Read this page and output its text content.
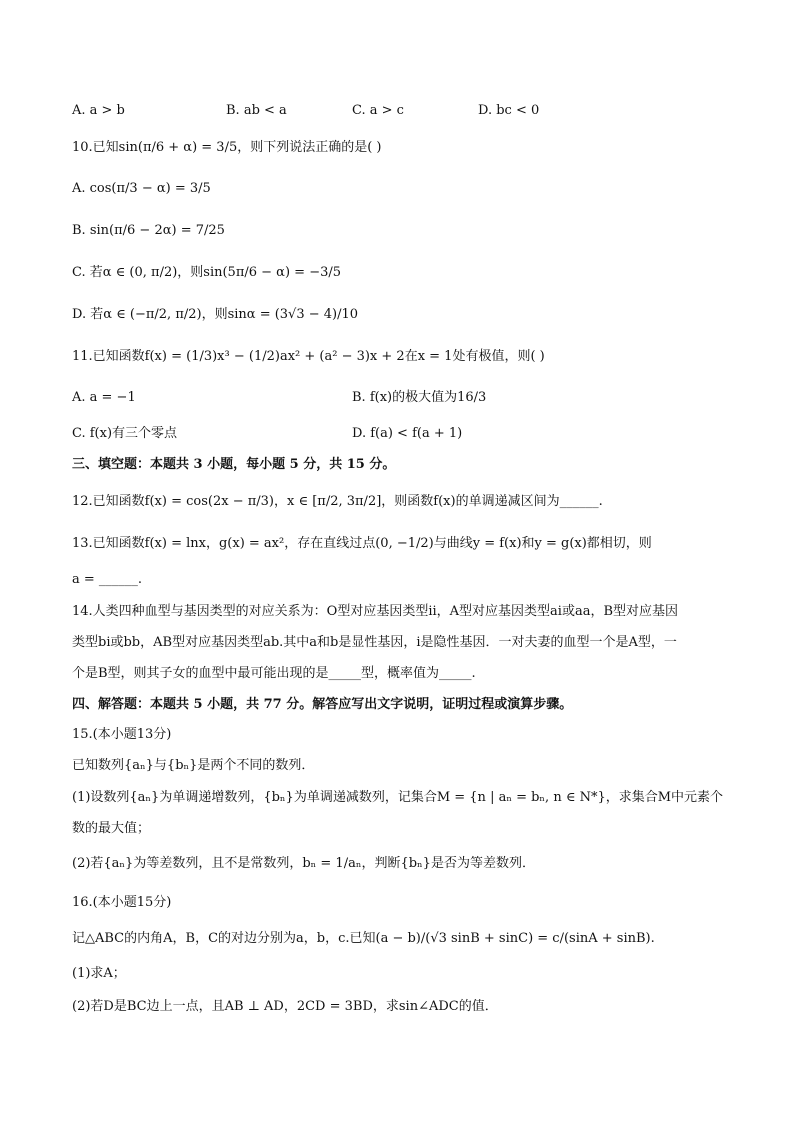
A. a > b	B. ab < a	C. a > c	D. bc < 0
10.已知sin(π/6 + α) = 3/5，则下列说法正确的是( )
A. cos(π/3 − α) = 3/5
B. sin(π/6 − 2α) = 7/25
C. 若α ∈ (0, π/2)，则sin(5π/6 − α) = −3/5
D. 若α ∈ (−π/2, π/2)，则sinα = (3√3 − 4)/10
11.已知函数f(x) = (1/3)x³ − (1/2)ax² + (a² − 3)x + 2在x = 1处有极值，则( )
A. a = −1	B. f(x)的极大值为16/3
C. f(x)有三个零点	D. f(a) < f(a + 1)
三、填空题：本题共 3 小题，每小题 5 分，共 15 分。
12.已知函数f(x) = cos(2x − π/3)，x ∈ [π/2, 3π/2]，则函数f(x)的单调递减区间为______.
13.已知函数f(x) = lnx，g(x) = ax²，存在直线过点(0, −1/2)与曲线y = f(x)和y = g(x)都相切，则
a = ______.
14.人类四种血型与基因类型的对应关系为：O型对应基因类型ii，A型对应基因类型ai或aa，B型对应基因
类型bi或bb，AB型对应基因类型ab.其中a和b是显性基因，i是隐性基因．一对夫妻的血型一个是A型，一
个是B型，则其子女的血型中最可能出现的是_____型，概率值为_____.
四、解答题：本题共 5 小题，共 77 分。解答应写出文字说明，证明过程或演算步骤。
15.(本小题13分)
已知数列{aₙ}与{bₙ}是两个不同的数列．
(1)设数列{aₙ}为单调递增数列，{bₙ}为单调递减数列，记集合M = {n | aₙ = bₙ, n ∈ N*}，求集合M中元素个
数的最大值；
(2)若{aₙ}为等差数列，且不是常数列，bₙ = 1/aₙ，判断{bₙ}是否为等差数列．
16.(本小题15分)
记△ABC的内角A，B，C的对边分别为a，b，c.已知(a − b)/(√3 sinB + sinC) = c/(sinA + sinB).
(1)求A；
(2)若D是BC边上一点，且AB ⊥ AD，2CD = 3BD，求sin∠ADC的值．
